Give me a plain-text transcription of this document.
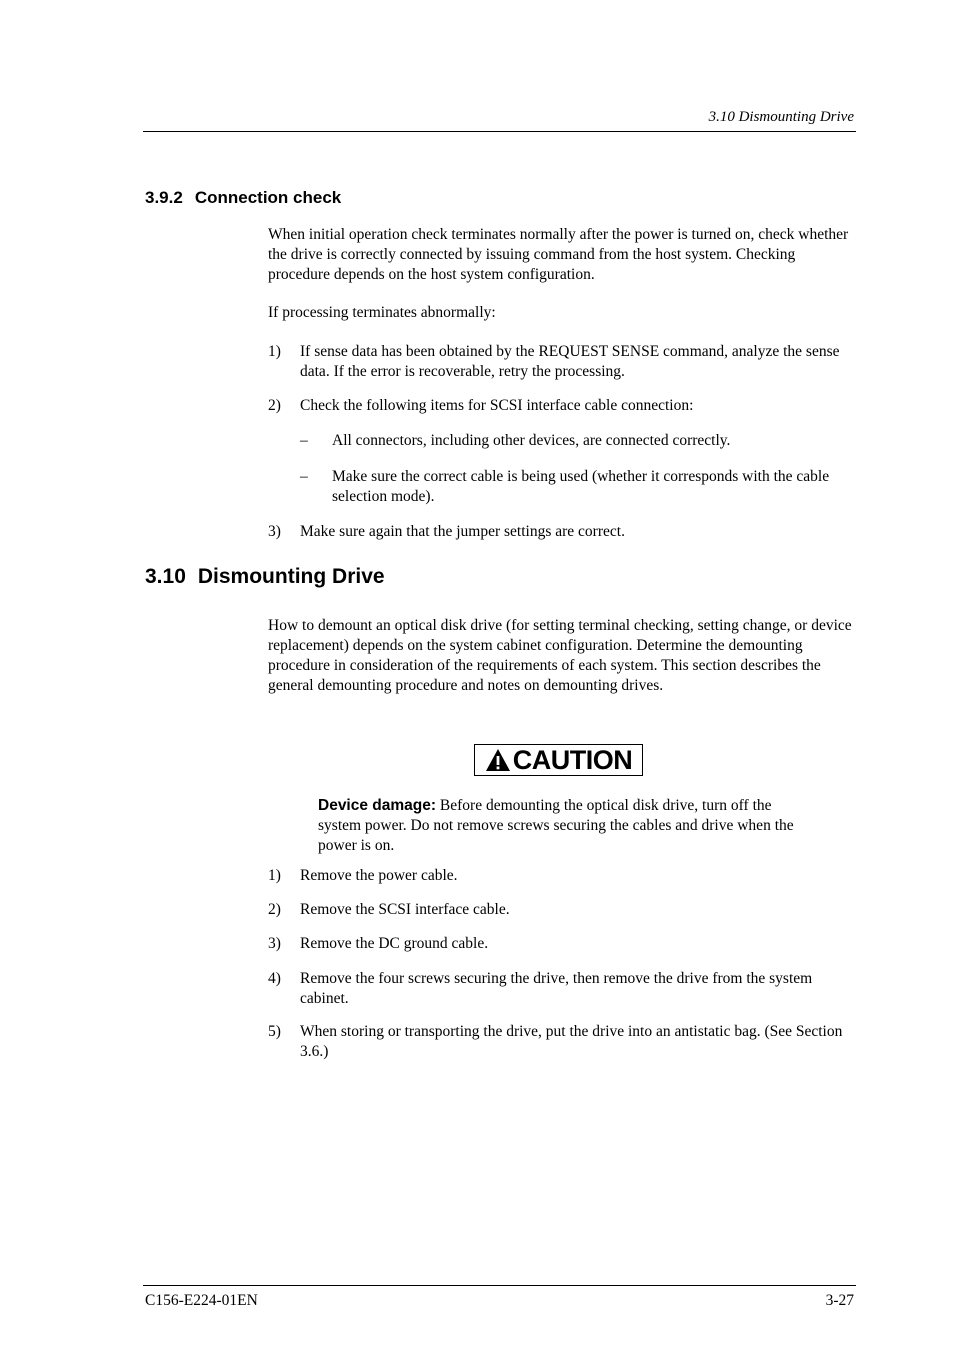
3.10 Dismounting Drive
3.9.2 Connection check
When initial operation check terminates normally after the power is turned on, check whether the drive is correctly connected by issuing command from the host system. Checking procedure depends on the host system configuration.
If processing terminates abnormally:
1) If sense data has been obtained by the REQUEST SENSE command, analyze the sense data. If the error is recoverable, retry the processing.
2) Check the following items for SCSI interface cable connection:
– All connectors, including other devices, are connected correctly.
– Make sure the correct cable is being used (whether it corresponds with the cable selection mode).
3) Make sure again that the jumper settings are correct.
3.10 Dismounting Drive
How to demount an optical disk drive (for setting terminal checking, setting change, or device replacement) depends on the system cabinet configuration. Determine the demounting procedure in consideration of the requirements of each system. This section describes the general demounting procedure and notes on demounting drives.
CAUTION
Device damage: Before demounting the optical disk drive, turn off the system power. Do not remove screws securing the cables and drive when the power is on.
1) Remove the power cable.
2) Remove the SCSI interface cable.
3) Remove the DC ground cable.
4) Remove the four screws securing the drive, then remove the drive from the system cabinet.
5) When storing or transporting the drive, put the drive into an antistatic bag. (See Section 3.6.)
C156-E224-01EN	3-27
